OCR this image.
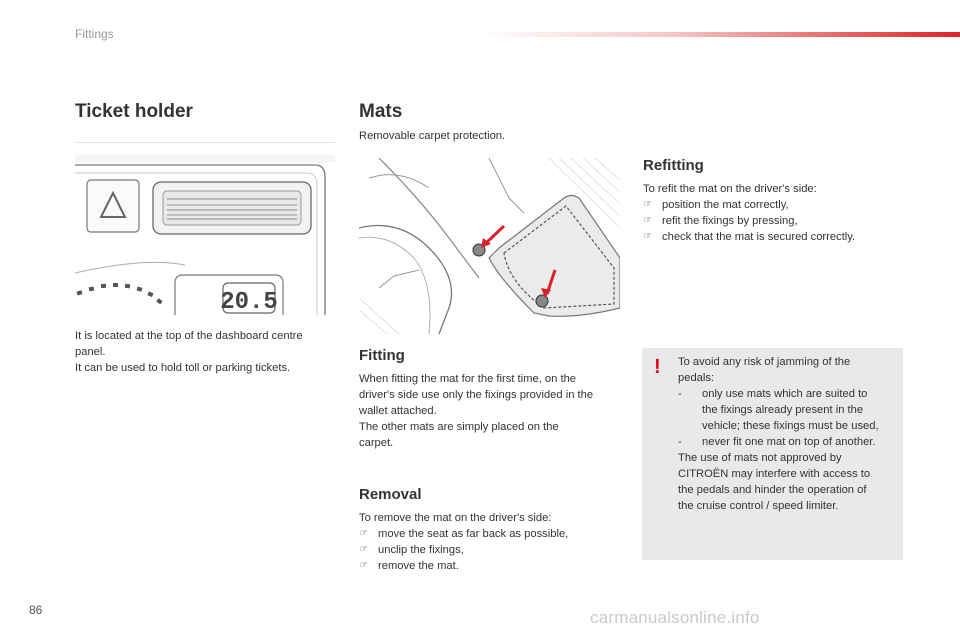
Fittings
Ticket holder
20.5

It is located at the top of the dashboard centre

panel.

It can be used to hold toll or parking tickets.

Mats

Removable carpet protection.

Fitting

When fitting the mat for the first time, on the

driver's side use only the fixings provided in the

wallet attached.

The other mats are simply placed on the

carpet.

Removal

To remove the mat on the driver's side:

☞ move the seat as far back as possible,
☞ unclip the fixings,
☞ remove the mat.
Refitting

To refit the mat on the driver's side:

☞ position the mat correctly,
☞ refit the fixings by pressing,
☞ check that the mat is secured correctly.
! To avoid any risk of jamming of the

pedals:

- only use mats which are suited to
the fixings already present in the
vehicle; these fixings must be used,
- never fit one mat on top of another.

The use of mats not approved by

CITROËN may interfere with access to

the pedals and hinder the operation of

the cruise control / speed limiter.

86	carmanualsonline.info
